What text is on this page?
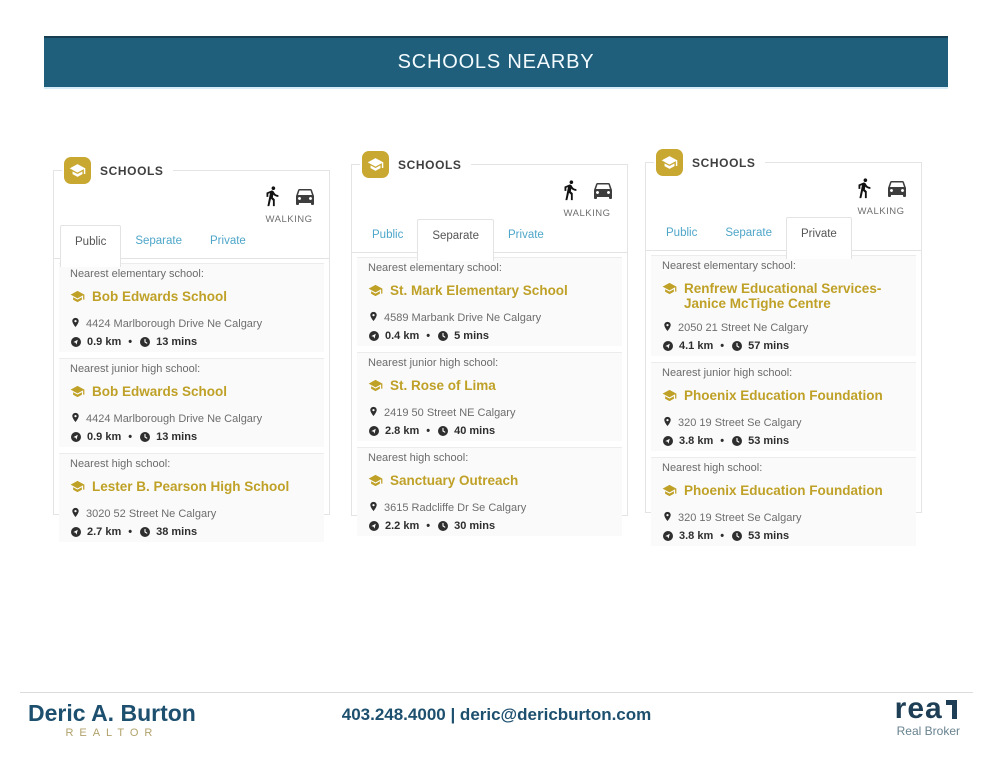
SCHOOLS NEARBY
SCHOOLS
WALKING
Public	Separate	Private
Nearest elementary school:
Bob Edwards School
4424 Marlborough Drive Ne Calgary
0.9 km • 13 mins
Nearest junior high school:
Bob Edwards School
4424 Marlborough Drive Ne Calgary
0.9 km • 13 mins
Nearest high school:
Lester B. Pearson High School
3020 52 Street Ne Calgary
2.7 km • 38 mins
SCHOOLS
WALKING
Public	Separate	Private
Nearest elementary school:
St. Mark Elementary School
4589 Marbank Drive Ne Calgary
0.4 km • 5 mins
Nearest junior high school:
St. Rose of Lima
2419 50 Street NE Calgary
2.8 km • 40 mins
Nearest high school:
Sanctuary Outreach
3615 Radcliffe Dr Se Calgary
2.2 km • 30 mins
SCHOOLS
WALKING
Public	Separate	Private
Nearest elementary school:
Renfrew Educational Services- Janice McTighe Centre
2050 21 Street Ne Calgary
4.1 km • 57 mins
Nearest junior high school:
Phoenix Education Foundation
320 19 Street Se Calgary
3.8 km • 53 mins
Nearest high school:
Phoenix Education Foundation
320 19 Street Se Calgary
3.8 km • 53 mins
Deric A. Burton
REALTOR
403.248.4000 | deric@dericburton.com	rea
Real Broker
